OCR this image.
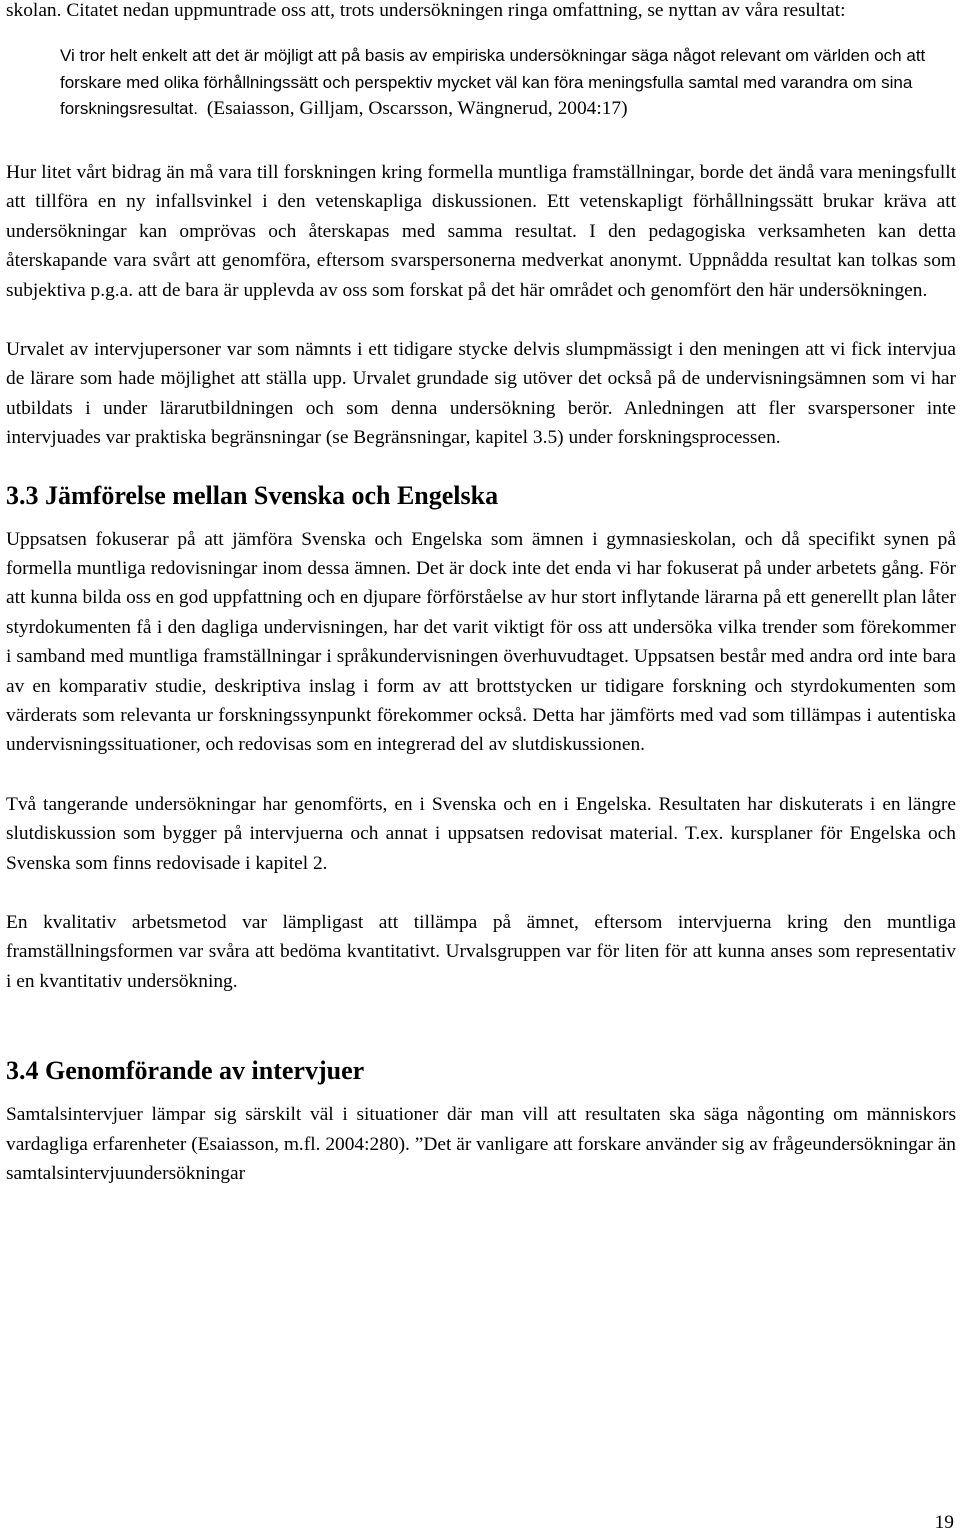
skolan. Citatet nedan uppmuntrade oss att, trots undersökningen ringa omfattning, se nyttan av våra resultat:

Vi tror helt enkelt att det är möjligt att på basis av empiriska undersökningar säga något relevant om världen och att forskare med olika förhållningssätt och perspektiv mycket väl kan föra meningsfulla samtal med varandra om sina forskningsresultat. (Esaiasson, Gilljam, Oscarsson, Wängnerud, 2004:17)

Hur litet vårt bidrag än må vara till forskningen kring formella muntliga framställningar, borde det ändå vara meningsfullt att tillföra en ny infallsvinkel i den vetenskapliga diskussionen. Ett vetenskapligt förhållningssätt brukar kräva att undersökningar kan omprövas och återskapas med samma resultat. I den pedagogiska verksamheten kan detta återskapande vara svårt att genomföra, eftersom svarspersonerna medverkat anonymt. Uppnådda resultat kan tolkas som subjektiva p.g.a. att de bara är upplevda av oss som forskat på det här området och genomfört den här undersökningen.

Urvalet av intervjupersoner var som nämnts i ett tidigare stycke delvis slumpmässigt i den meningen att vi fick intervjua de lärare som hade möjlighet att ställa upp. Urvalet grundade sig utöver det också på de undervisningsämnen som vi har utbildats i under lärarutbildningen och som denna undersökning berör. Anledningen att fler svarspersoner inte intervjuades var praktiska begränsningar (se Begränsningar, kapitel 3.5) under forskningsprocessen.

3.3 Jämförelse mellan Svenska och Engelska

Uppsatsen fokuserar på att jämföra Svenska och Engelska som ämnen i gymnasieskolan, och då specifikt synen på formella muntliga redovisningar inom dessa ämnen. Det är dock inte det enda vi har fokuserat på under arbetets gång. För att kunna bilda oss en god uppfattning och en djupare förförståelse av hur stort inflytande lärarna på ett generellt plan låter styrdokumenten få i den dagliga undervisningen, har det varit viktigt för oss att undersöka vilka trender som förekommer i samband med muntliga framställningar i språkundervisningen överhuvudtaget. Uppsatsen består med andra ord inte bara av en komparativ studie, deskriptiva inslag i form av att brottstycken ur tidigare forskning och styrdokumenten som värderats som relevanta ur forskningssynpunkt förekommer också. Detta har jämförts med vad som tillämpas i autentiska undervisningssituationer, och redovisas som en integrerad del av slutdiskussionen.

Två tangerande undersökningar har genomförts, en i Svenska och en i Engelska. Resultaten har diskuterats i en längre slutdiskussion som bygger på intervjuerna och annat i uppsatsen redovisat material. T.ex. kursplaner för Engelska och Svenska som finns redovisade i kapitel 2.

En kvalitativ arbetsmetod var lämpligast att tillämpa på ämnet, eftersom intervjuerna kring den muntliga framställningsformen var svåra att bedöma kvantitativt. Urvalsgruppen var för liten för att kunna anses som representativ i en kvantitativ undersökning.

3.4 Genomförande av intervjuer

Samtalsintervjuer lämpar sig särskilt väl i situationer där man vill att resultaten ska säga någonting om människors vardagliga erfarenheter (Esaiasson, m.fl. 2004:280). ”Det är vanligare att forskare använder sig av frågeundersökningar än samtalsintervjuundersökningar

19
